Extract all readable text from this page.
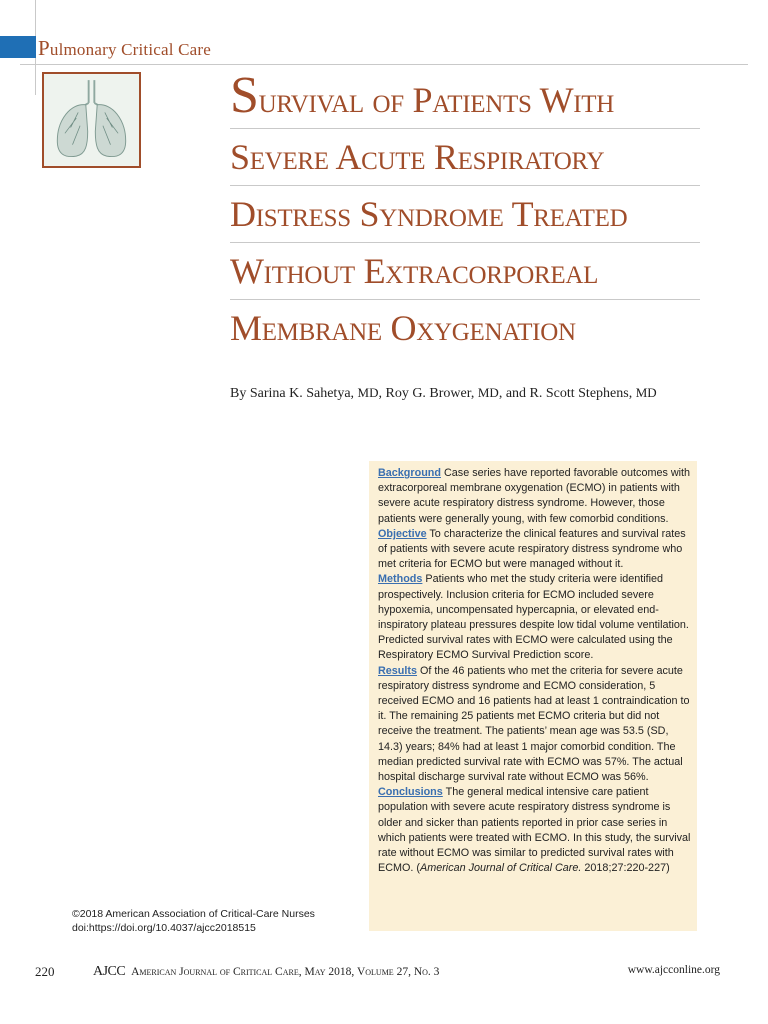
Pulmonary Critical Care
Survival of Patients With
Severe Acute Respiratory
Distress Syndrome Treated
Without Extracorporeal
Membrane Oxygenation
By Sarina K. Sahetya, MD, Roy G. Brower, MD, and R. Scott Stephens, MD

Background Case series have reported favorable outcomes with extracorporeal membrane oxygenation (ECMO) in patients with severe acute respiratory distress syndrome. However, those patients were generally young, with few comorbid conditions.

Objective To characterize the clinical features and survival rates of patients with severe acute respiratory distress syndrome who met criteria for ECMO but were managed without it.

Methods Patients who met the study criteria were identified prospectively. Inclusion criteria for ECMO included severe hypoxemia, uncompensated hypercapnia, or elevated end-inspiratory plateau pressures despite low tidal volume ventilation. Predicted survival rates with ECMO were calculated using the Respiratory ECMO Survival Prediction score.

Results Of the 46 patients who met the criteria for severe acute respiratory distress syndrome and ECMO consideration, 5 received ECMO and 16 patients had at least 1 contraindication to it. The remaining 25 patients met ECMO criteria but did not receive the treatment. The patients’ mean age was 53.5 (SD, 14.3) years; 84% had at least 1 major comorbid condition. The median predicted survival rate with ECMO was 57%. The actual hospital discharge survival rate without ECMO was 56%.

Conclusions The general medical intensive care patient population with severe acute respiratory distress syndrome is older and sicker than patients reported in prior case series in which patients were treated with ECMO. In this study, the survival rate without ECMO was similar to predicted survival rates with ECMO. (American Journal of Critical Care. 2018;27:220-227)

©2018 American Association of Critical-Care Nurses
doi:https://doi.org/10.4037/ajcc2018515
220	AJCC American Journal of Critical Care, May 2018, Volume 27, No. 3	www.ajcconline.org
